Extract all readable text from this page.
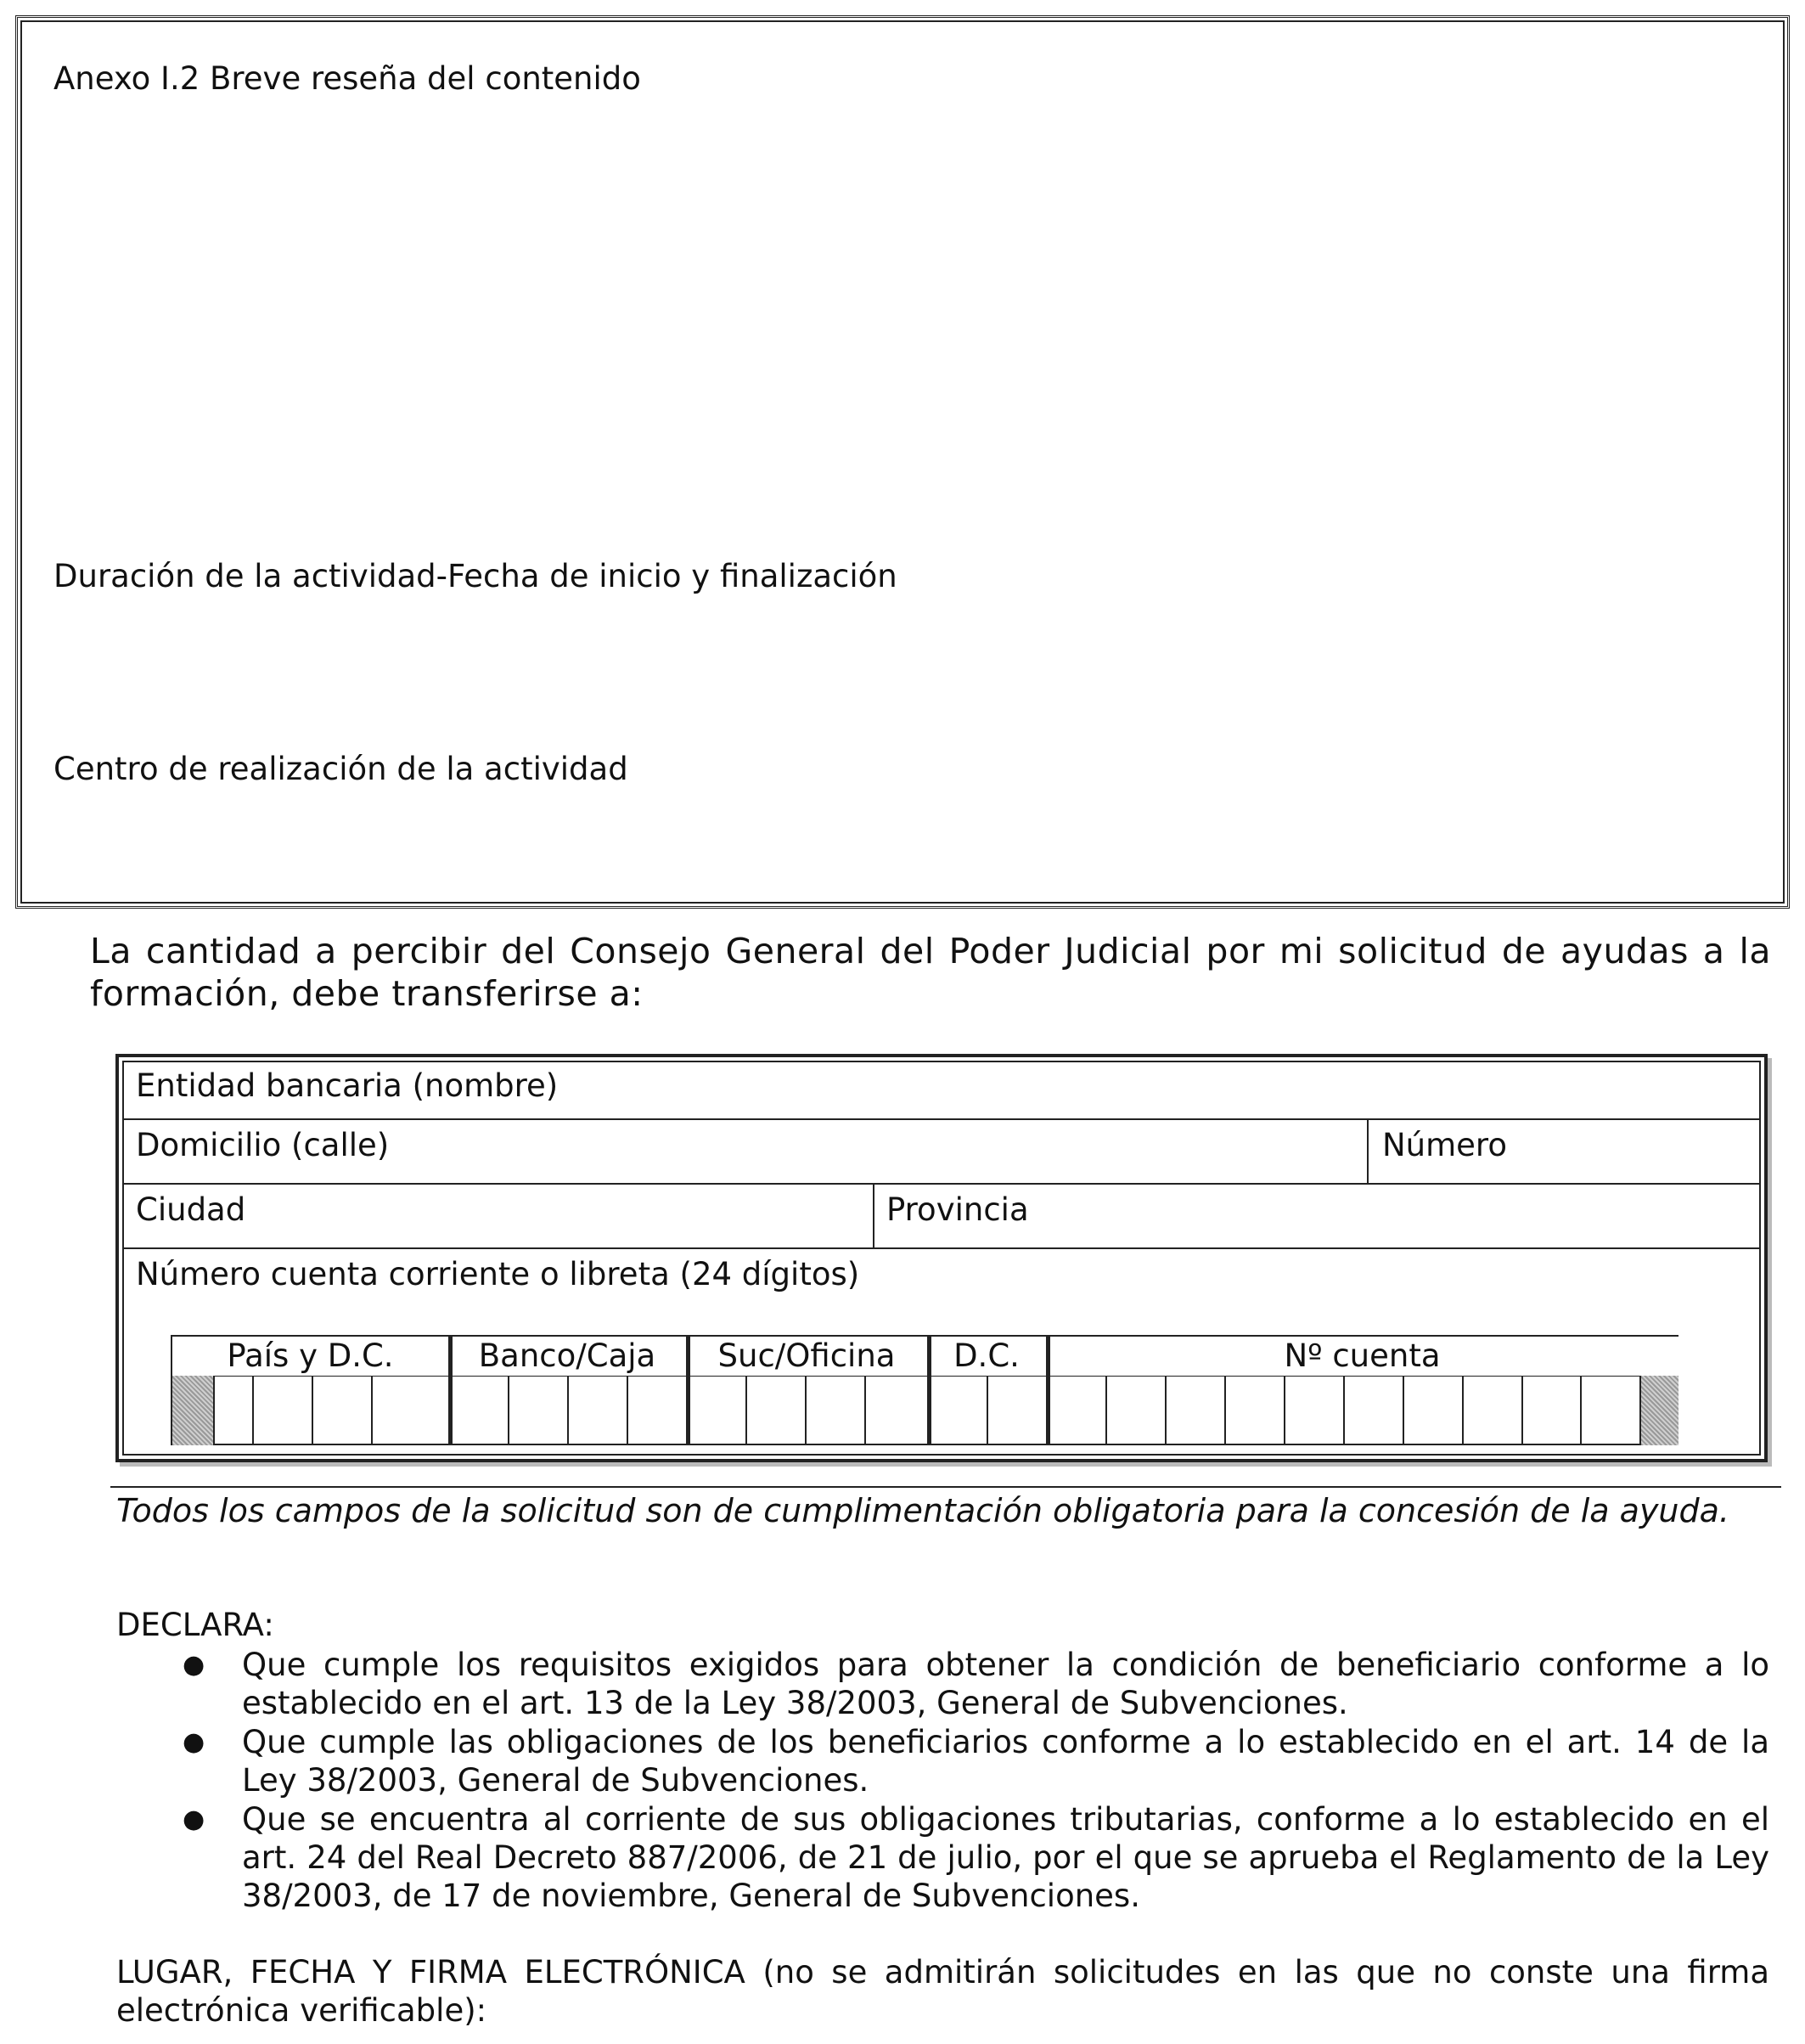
Anexo I.2 Breve reseña del contenido
Duración de la actividad-Fecha de inicio y finalización
Centro de realización de la actividad
La cantidad a percibir del Consejo General del Poder Judicial por mi solicitud de ayudas a la formación, debe transferirse a:
Entidad bancaria (nombre)
Domicilio (calle)	Número
Ciudad	Provincia
Número cuenta corriente o libreta (24 dígitos)
País y D.C.	Banco/Caja	Suc/Oficina	D.C.	Nº cuenta
Todos los campos de la solicitud son de cumplimentación obligatoria para la concesión de la ayuda.
DECLARA:
● Que cumple los requisitos exigidos para obtener la condición de beneficiario conforme a lo establecido en el art. 13 de la Ley 38/2003, General de Subvenciones.
● Que cumple las obligaciones de los beneficiarios conforme a lo establecido en el art. 14 de la Ley 38/2003, General de Subvenciones.
● Que se encuentra al corriente de sus obligaciones tributarias, conforme a lo establecido en el art. 24 del Real Decreto 887/2006, de 21 de julio, por el que se aprueba el Reglamento de la Ley 38/2003, de 17 de noviembre, General de Subvenciones.
LUGAR, FECHA Y FIRMA ELECTRÓNICA (no se admitirán solicitudes en las que no conste una firma electrónica verificable):
